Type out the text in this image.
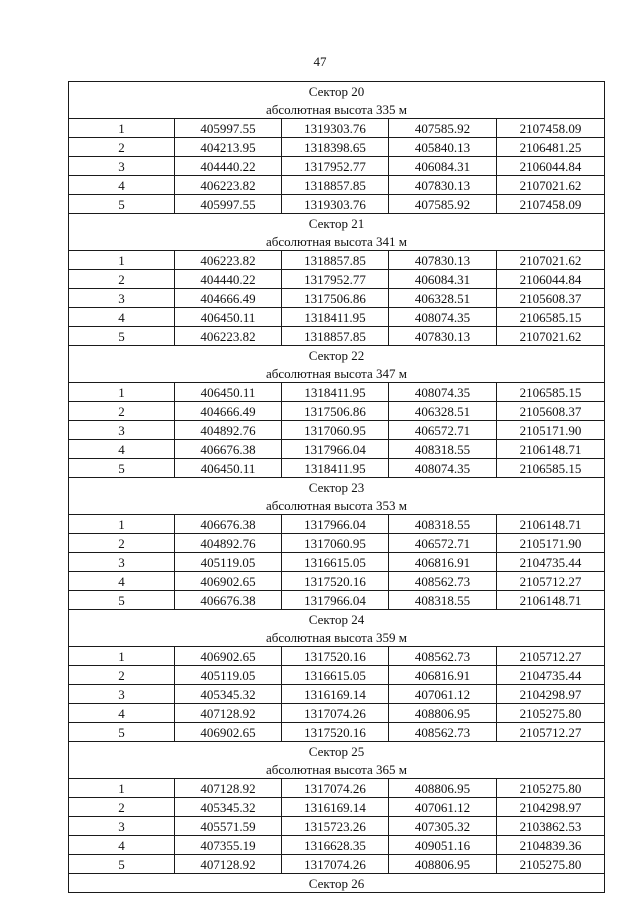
47
Сектор 20				
абсолютная высота 335 м				
1	405997.55	1319303.76	407585.92	2107458.09
2	404213.95	1318398.65	405840.13	2106481.25
3	404440.22	1317952.77	406084.31	2106044.84
4	406223.82	1318857.85	407830.13	2107021.62
5	405997.55	1319303.76	407585.92	2107458.09
Сектор 21				
абсолютная высота 341 м				
1	406223.82	1318857.85	407830.13	2107021.62
2	404440.22	1317952.77	406084.31	2106044.84
3	404666.49	1317506.86	406328.51	2105608.37
4	406450.11	1318411.95	408074.35	2106585.15
5	406223.82	1318857.85	407830.13	2107021.62
Сектор 22				
абсолютная высота 347 м				
1	406450.11	1318411.95	408074.35	2106585.15
2	404666.49	1317506.86	406328.51	2105608.37
3	404892.76	1317060.95	406572.71	2105171.90
4	406676.38	1317966.04	408318.55	2106148.71
5	406450.11	1318411.95	408074.35	2106585.15
Сектор 23				
абсолютная высота 353 м				
1	406676.38	1317966.04	408318.55	2106148.71
2	404892.76	1317060.95	406572.71	2105171.90
3	405119.05	1316615.05	406816.91	2104735.44
4	406902.65	1317520.16	408562.73	2105712.27
5	406676.38	1317966.04	408318.55	2106148.71
Сектор 24				
абсолютная высота 359 м				
1	406902.65	1317520.16	408562.73	2105712.27
2	405119.05	1316615.05	406816.91	2104735.44
3	405345.32	1316169.14	407061.12	2104298.97
4	407128.92	1317074.26	408806.95	2105275.80
5	406902.65	1317520.16	408562.73	2105712.27
Сектор 25				
абсолютная высота 365 м				
1	407128.92	1317074.26	408806.95	2105275.80
2	405345.32	1316169.14	407061.12	2104298.97
3	405571.59	1315723.26	407305.32	2103862.53
4	407355.19	1316628.35	409051.16	2104839.36
5	407128.92	1317074.26	408806.95	2105275.80
Сектор 26				
